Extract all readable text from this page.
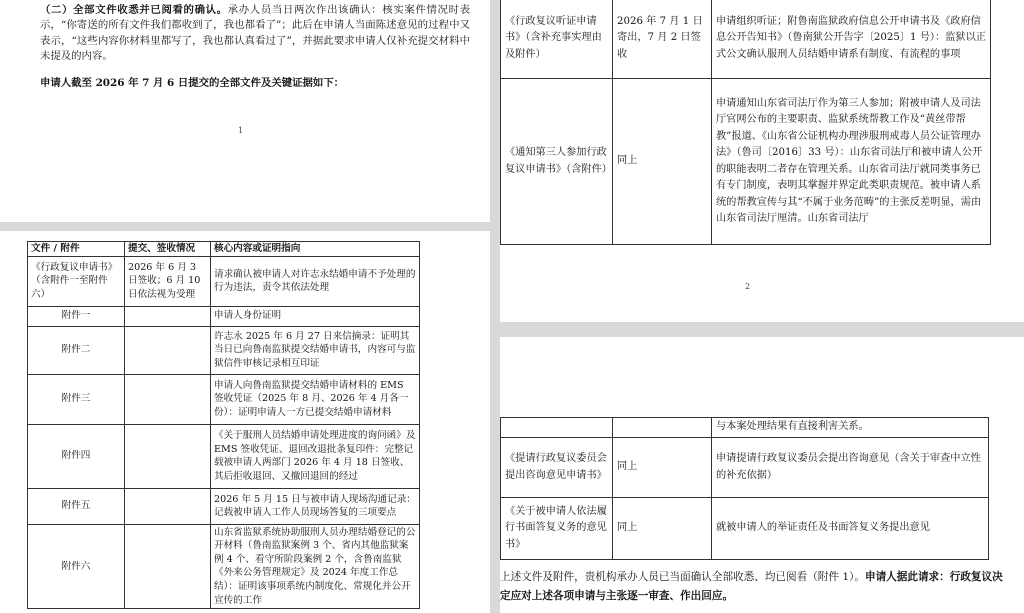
（二）全部文件收悉并已阅看的确认。承办人员当日两次作出该确认：核实案件情况时表示，“你寄送的所有文件我们都收到了，我也都看了”；此后在申请人当面陈述意见的过程中又表示，“这些内容你材料里都写了，我也都认真看过了”，并据此要求申请人仅补充提交材料中未提及的内容。

申请人截至 2026 年 7 月 6 日提交的全部文件及关键证据如下：

1
文件 / 附件	提交、签收情况	核心内容或证明指向
《行政复议申请书》（含附件一至附件六）	2026 年 6 月 3 日签收；6 月 10 日依法视为受理	请求确认被申请人对许志永结婚申请不予处理的行为违法，责令其依法处理
附件一		申请人身份证明
附件二		许志永 2025 年 6 月 27 日来信摘录：证明其当日已向鲁南监狱提交结婚申请书，内容可与监狱信件审核记录相互印证
附件三		申请人向鲁南监狱提交结婚申请材料的 EMS 签收凭证（2025 年 8 月、2026 年 4 月各一份）：证明申请人一方已提交结婚申请材料
附件四		《关于服刑人员结婚申请处理进度的询问函》及 EMS 签收凭证、退回改退批条复印件：完整记载被申请人两部门 2026 年 4 月 18 日签收、其后拒收退回、又撤回退回的经过
附件五		2026 年 5 月 15 日与被申请人现场沟通记录：记载被申请人工作人员现场答复的三项要点
附件六		山东省监狱系统协助服刑人员办理结婚登记的公开材料（鲁南监狱案例 3 个、省内其他监狱案例 4 个、看守所阶段案例 2 个，含鲁南监狱《外来公务管理规定》及 2024 年度工作总结）：证明该事项系统内制度化、常规化并公开宣传的工作
《行政复议听证申请书》（含补充事实理由及附件）	2026 年 7 月 1 日寄出，7 月 2 日签收	申请组织听证；附鲁南监狱政府信息公开申请书及《政府信息公开告知书》（鲁南狱公开告字〔2025〕1 号）：监狱以正式公文确认服刑人员结婚申请系有制度、有流程的事项
《通知第三人参加行政复议申请书》（含附件）	同上	申请通知山东省司法厅作为第三人参加；附被申请人及司法厅官网公布的主要职责、监狱系统帮教工作及“黄丝带帮教”报道、《山东省公证机构办理涉服刑戒毒人员公证管理办法》（鲁司〔2016〕33 号）：山东省司法厅和被申请人公开的职能表明二者存在管理关系。山东省司法厅就同类事务已有专门制度，表明其掌握并界定此类职责规范。被申请人系统的帮教宣传与其“不属于业务范畴”的主张反差明显，需由山东省司法厅厘清。山东省司法厅
2
		与本案处理结果有直接利害关系。
《提请行政复议委员会提出咨询意见申请书》	同上	申请提请行政复议委员会提出咨询意见（含关于审查中立性的补充依据）
《关于被申请人依法履行书面答复义务的意见书》	同上	就被申请人的举证责任及书面答复义务提出意见

上述文件及附件，贵机构承办人员已当面确认全部收悉、均已阅看（附件 1）。申请人据此请求：行政复议决定应对上述各项申请与主张逐一审查、作出回应。
